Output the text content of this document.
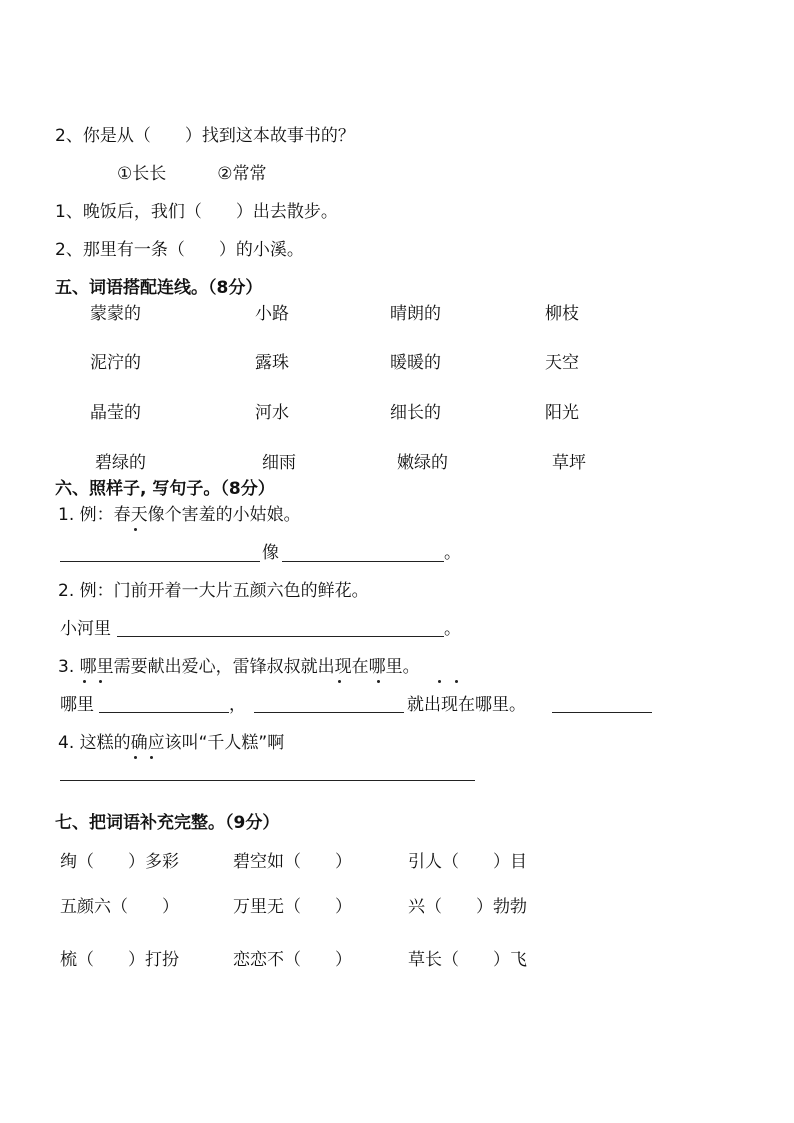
2、你是从（　　）找到这本故事书的？
①长长　　　②常常
1、晚饭后，我们（　　）出去散步。
2、那里有一条（　　）的小溪。
五、词语搭配连线。（8分）
蒙蒙的	小路	晴朗的	柳枝
泥泞的	露珠	暖暖的	天空
晶莹的	河水	细长的	阳光
碧绿的	细雨	嫩绿的	草坪
六、照样子, 写句子。（8分）
1. 例：春天像个害羞的小姑娘。
像	。
2. 例：门前开着一大片五颜六色的鲜花。
小河里	。
3. 哪里需要献出爱心，雷锋叔叔就出现在哪里。
哪里	，	就出现在哪里。
4. 这糕的确应该叫“千人糕”啊
七、把词语补充完整。（9分）
绚（　　）多彩	碧空如（　　）	引人（　　）目
五颜六（　　）	万里无（　　）	兴（　　）勃勃
梳（　　）打扮	恋恋不（　　）	草长（　　）飞
